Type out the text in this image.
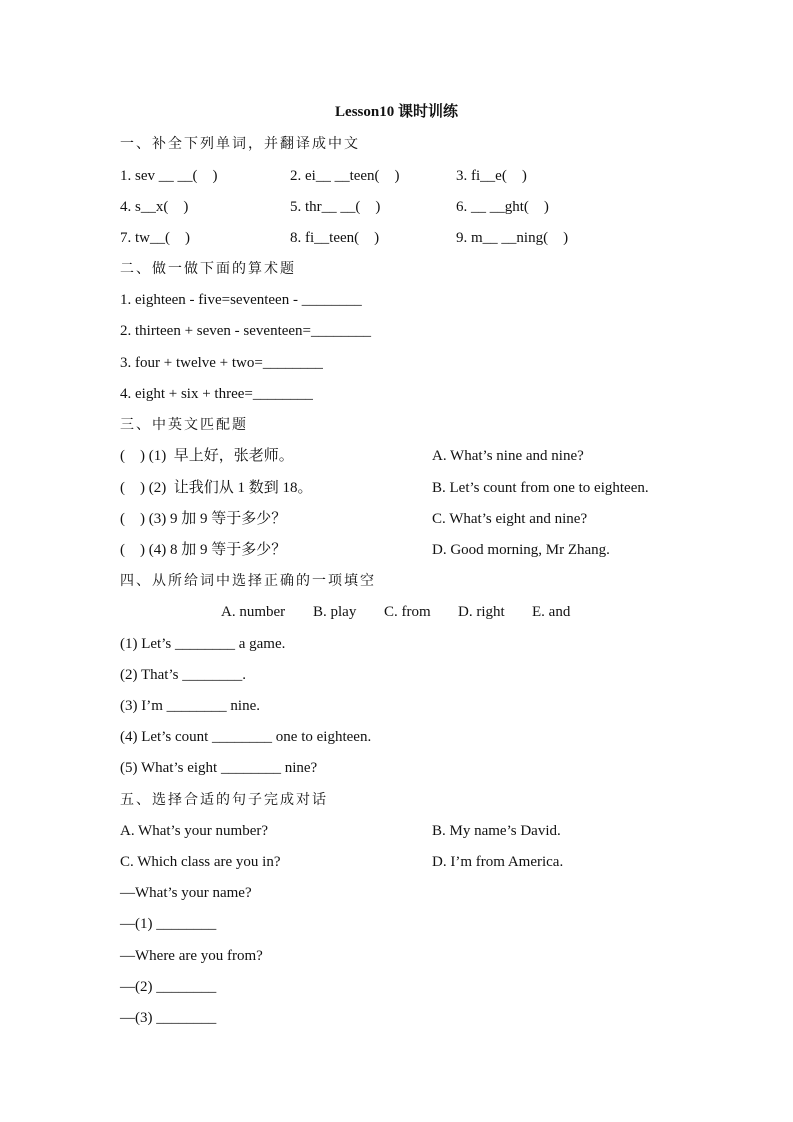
Lesson10 课时训练
一、补全下列单词，并翻译成中文
1. sev __ __(    )	2. ei__ __teen(    )	3. fi__e(    )
4. s__x(    )	5. thr__ __(    )	6. __ __ght(    )
7. tw__(    )	8. fi__teen(    )	9. m__ __ning(    )
二、做一做下面的算术题
1. eighteen - five=seventeen - ________
2. thirteen + seven - seventeen=________
3. four + twelve + two=________
4. eight + six + three=________
三、中英文匹配题
(    ) (1)  早上好，张老师。	A. What’s nine and nine?
(    ) (2)  让我们从 1 数到 18。	B. Let’s count from one to eighteen.
(    ) (3) 9 加 9 等于多少？	C. What’s eight and nine?
(    ) (4) 8 加 9 等于多少？	D. Good morning, Mr Zhang.
四、从所给词中选择正确的一项填空
A. number B. play C. from D. right E. and
(1) Let’s ________ a game.
(2) That’s ________.
(3) I’m ________ nine.
(4) Let’s count ________ one to eighteen.
(5) What’s eight ________ nine?
五、选择合适的句子完成对话
A. What’s your number?	B. My name’s David.
C. Which class are you in?	D. I’m from America.
—What’s your name?
—(1) ________
—Where are you from?
—(2) ________
—(3) ________
